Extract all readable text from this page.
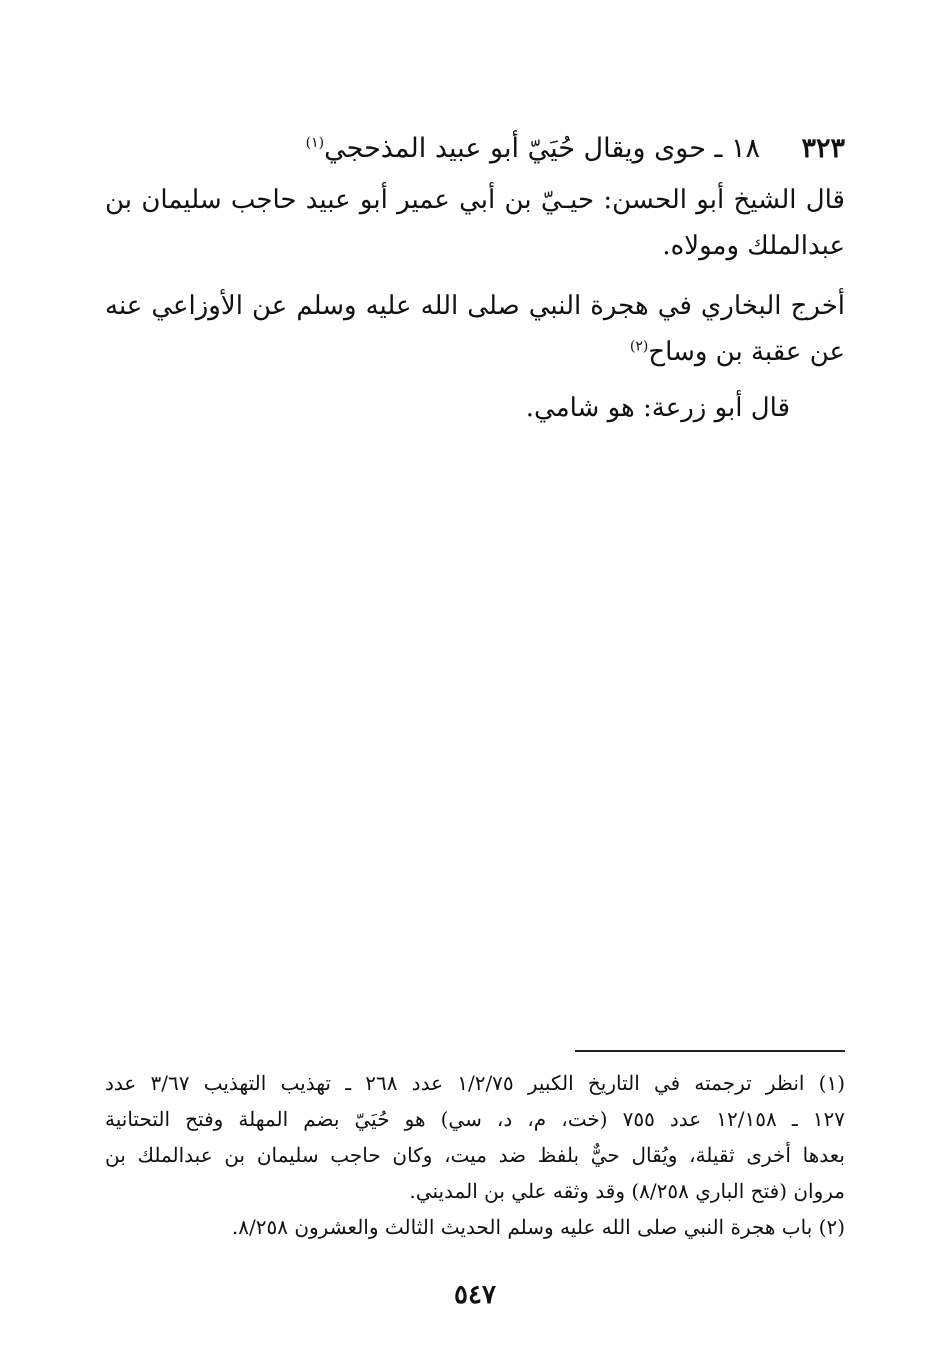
٣٢٣
١٨ ـ حوى ويقال حُيَيّ أبو عبيد المذحجي$^{(١)}$
قال الشيخ أبو الحسن: حيـيّ بن أبي عمير أبو عبيد حاجب سليمان بن
عبدالملك ومولاه.
أخرج البخاري في هجرة النبي صلى الله عليه وسلم عن الأوزاعي عنه
عن عقبة بن وساح$^{(٢)}$
قال أبو زرعة: هو شامي.
(١) انظر ترجمته في التاريخ الكبير ١/٢/٧٥ عدد ٢٦٨ ـ تهذيب التهذيب ٣/٦٧ عدد
١٢٧ ـ ١٢/١٥٨ عدد ٧٥٥ (خت، م، د، سي) هو حُيَيّ بضم المهلة وفتح التحتانية
بعدها أخرى ثقيلة، ويُقال حيٌّ بلفظ ضد ميت، وكان حاجب سليمان بن عبدالملك بن
مروان (فتح الباري ٨/٢٥٨) وقد وثقه علي بن المديني.
(٢) باب هجرة النبي صلى الله عليه وسلم الحديث الثالث والعشرون ٨/٢٥٨.
٥٤٧
